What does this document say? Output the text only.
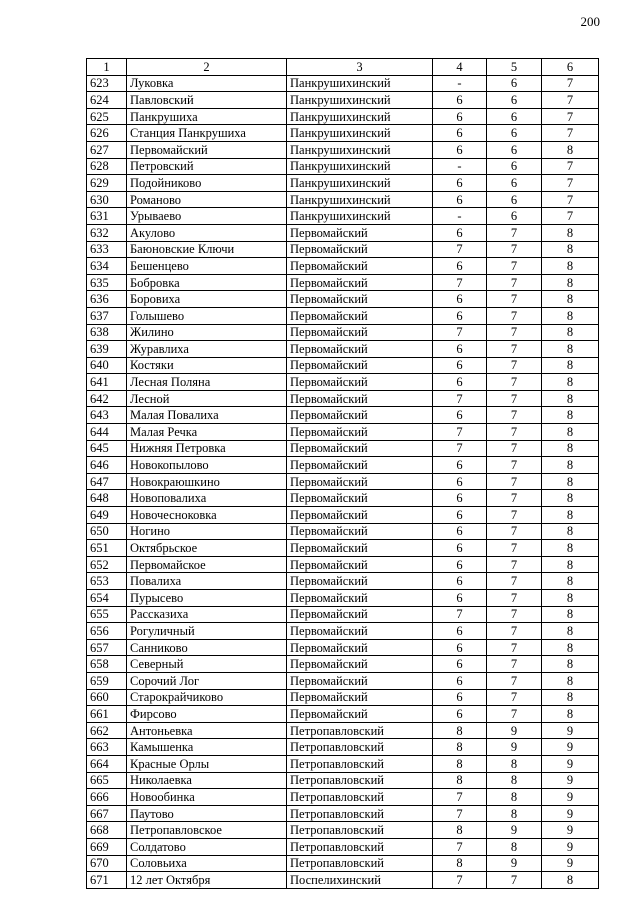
200
1	2	3	4	5	6
623	Луковка	Панкрушихинский	-	6	7
624	Павловский	Панкрушихинский	6	6	7
625	Панкрушиха	Панкрушихинский	6	6	7
626	Станция Панкрушиха	Панкрушихинский	6	6	7
627	Первомайский	Панкрушихинский	6	6	8
628	Петровский	Панкрушихинский	-	6	7
629	Подойниково	Панкрушихинский	6	6	7
630	Романово	Панкрушихинский	6	6	7
631	Урываево	Панкрушихинский	-	6	7
632	Акулово	Первомайский	6	7	8
633	Баюновские Ключи	Первомайский	7	7	8
634	Бешенцево	Первомайский	6	7	8
635	Бобровка	Первомайский	7	7	8
636	Боровиха	Первомайский	6	7	8
637	Голышево	Первомайский	6	7	8
638	Жилино	Первомайский	7	7	8
639	Журавлиха	Первомайский	6	7	8
640	Костяки	Первомайский	6	7	8
641	Лесная Поляна	Первомайский	6	7	8
642	Лесной	Первомайский	7	7	8
643	Малая Повалиха	Первомайский	6	7	8
644	Малая Речка	Первомайский	7	7	8
645	Нижняя Петровка	Первомайский	7	7	8
646	Новокопылово	Первомайский	6	7	8
647	Новокраюшкино	Первомайский	6	7	8
648	Новоповалиха	Первомайский	6	7	8
649	Новочесноковка	Первомайский	6	7	8
650	Ногино	Первомайский	6	7	8
651	Октябрьское	Первомайский	6	7	8
652	Первомайское	Первомайский	6	7	8
653	Повалиха	Первомайский	6	7	8
654	Пурысево	Первомайский	6	7	8
655	Рассказиха	Первомайский	7	7	8
656	Рогуличный	Первомайский	6	7	8
657	Санниково	Первомайский	6	7	8
658	Северный	Первомайский	6	7	8
659	Сорочий Лог	Первомайский	6	7	8
660	Старокрайчиково	Первомайский	6	7	8
661	Фирсово	Первомайский	6	7	8
662	Антоньевка	Петропавловский	8	9	9
663	Камышенка	Петропавловский	8	9	9
664	Красные Орлы	Петропавловский	8	8	9
665	Николаевка	Петропавловский	8	8	9
666	Новообинка	Петропавловский	7	8	9
667	Паутово	Петропавловский	7	8	9
668	Петропавловское	Петропавловский	8	9	9
669	Солдатово	Петропавловский	7	8	9
670	Соловьиха	Петропавловский	8	9	9
671	12 лет Октября	Поспелихинский	7	7	8
